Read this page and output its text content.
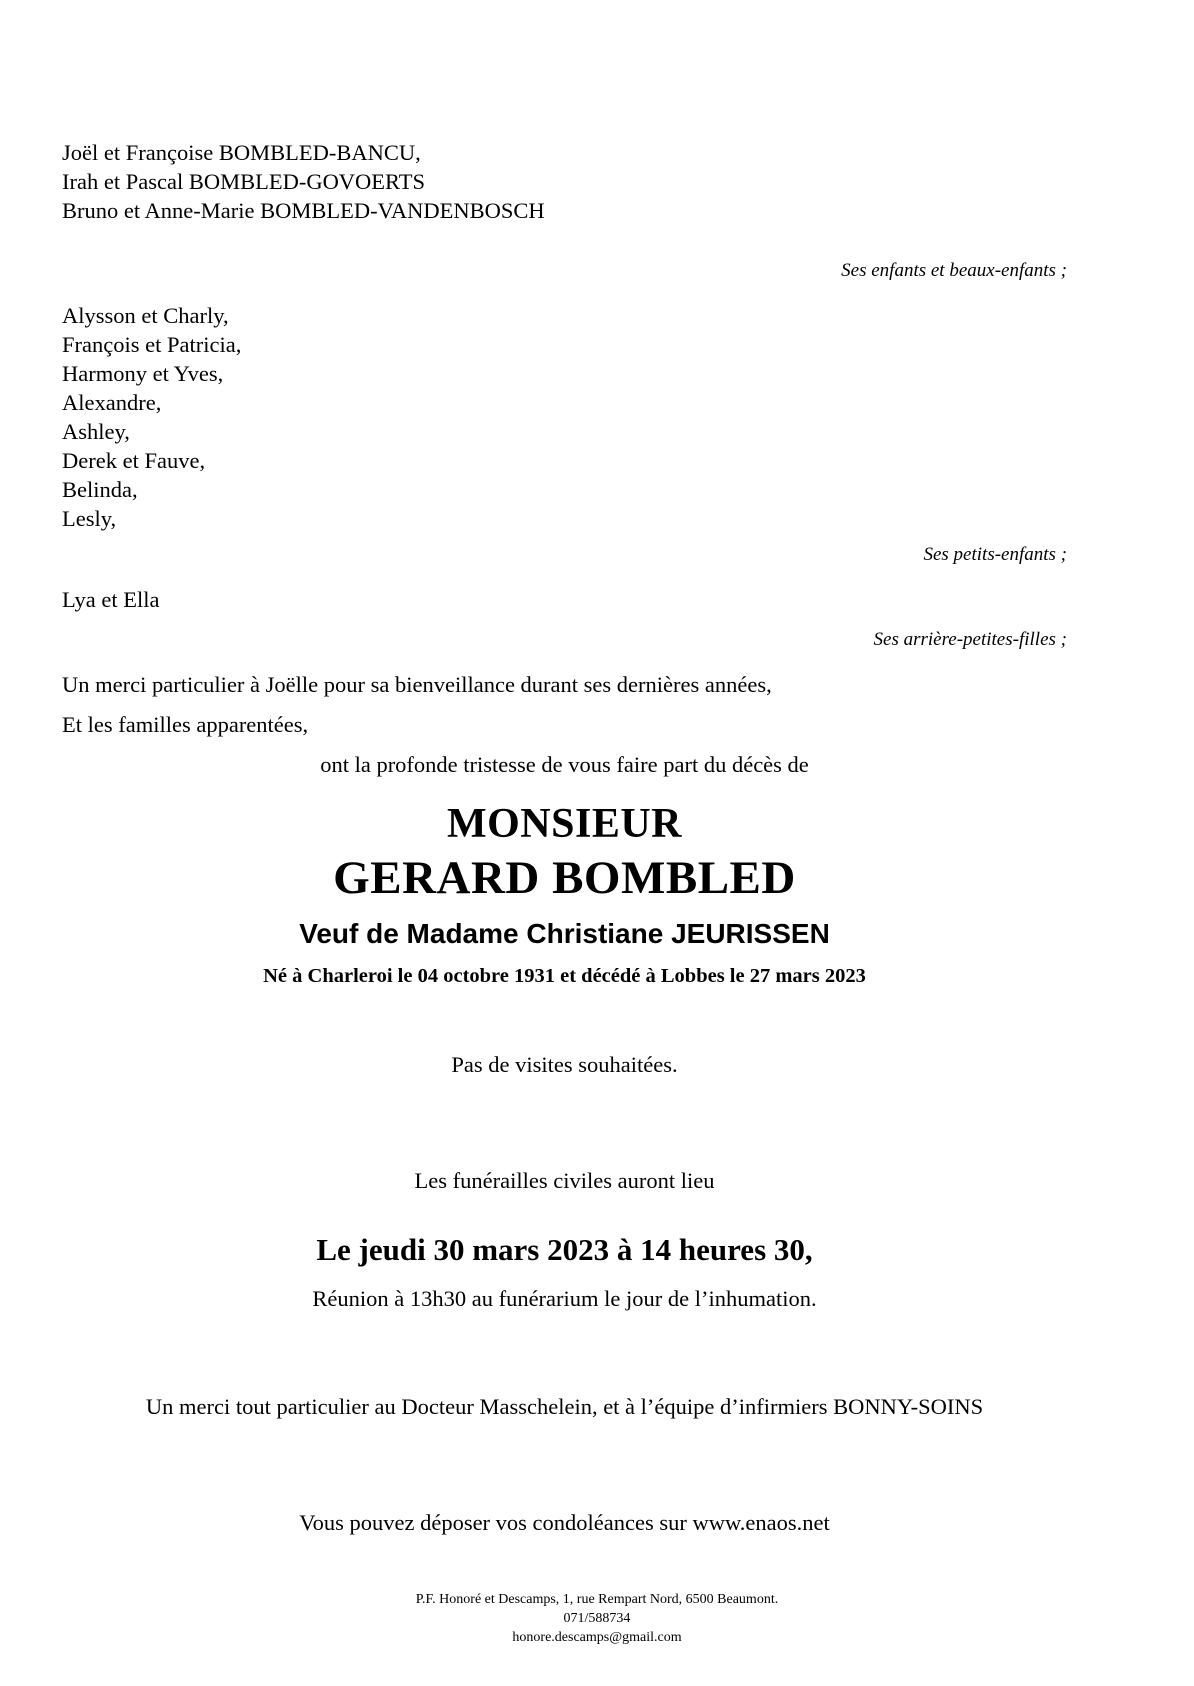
Joël et Françoise BOMBLED-BANCU,
Irah et Pascal BOMBLED-GOVOERTS
Bruno et Anne-Marie BOMBLED-VANDENBOSCH
Ses enfants et beaux-enfants ;
Alysson et Charly,
François et Patricia,
Harmony et Yves,
Alexandre,
Ashley,
Derek et Fauve,
Belinda,
Lesly,
Ses petits-enfants ;
Lya et Ella
Ses arrière-petites-filles ;
Un merci particulier à Joëlle pour sa bienveillance durant ses dernières années,
Et les familles apparentées,
ont la profonde tristesse de vous faire part du décès de
MONSIEUR
GERARD BOMBLED
Veuf de Madame Christiane JEURISSEN
Né à Charleroi le 04 octobre 1931 et décédé à Lobbes le 27 mars 2023
Pas de visites souhaitées.
Les funérailles civiles auront lieu
Le jeudi 30 mars 2023 à 14 heures 30,
Réunion à 13h30 au funérarium le jour de l’inhumation.
Un merci tout particulier au Docteur Masschelein, et à l’équipe d’infirmiers BONNY-SOINS
Vous pouvez déposer vos condoléances sur www.enaos.net
P.F. Honoré et Descamps, 1, rue Rempart Nord, 6500 Beaumont.
071/588734
honore.descamps@gmail.com
